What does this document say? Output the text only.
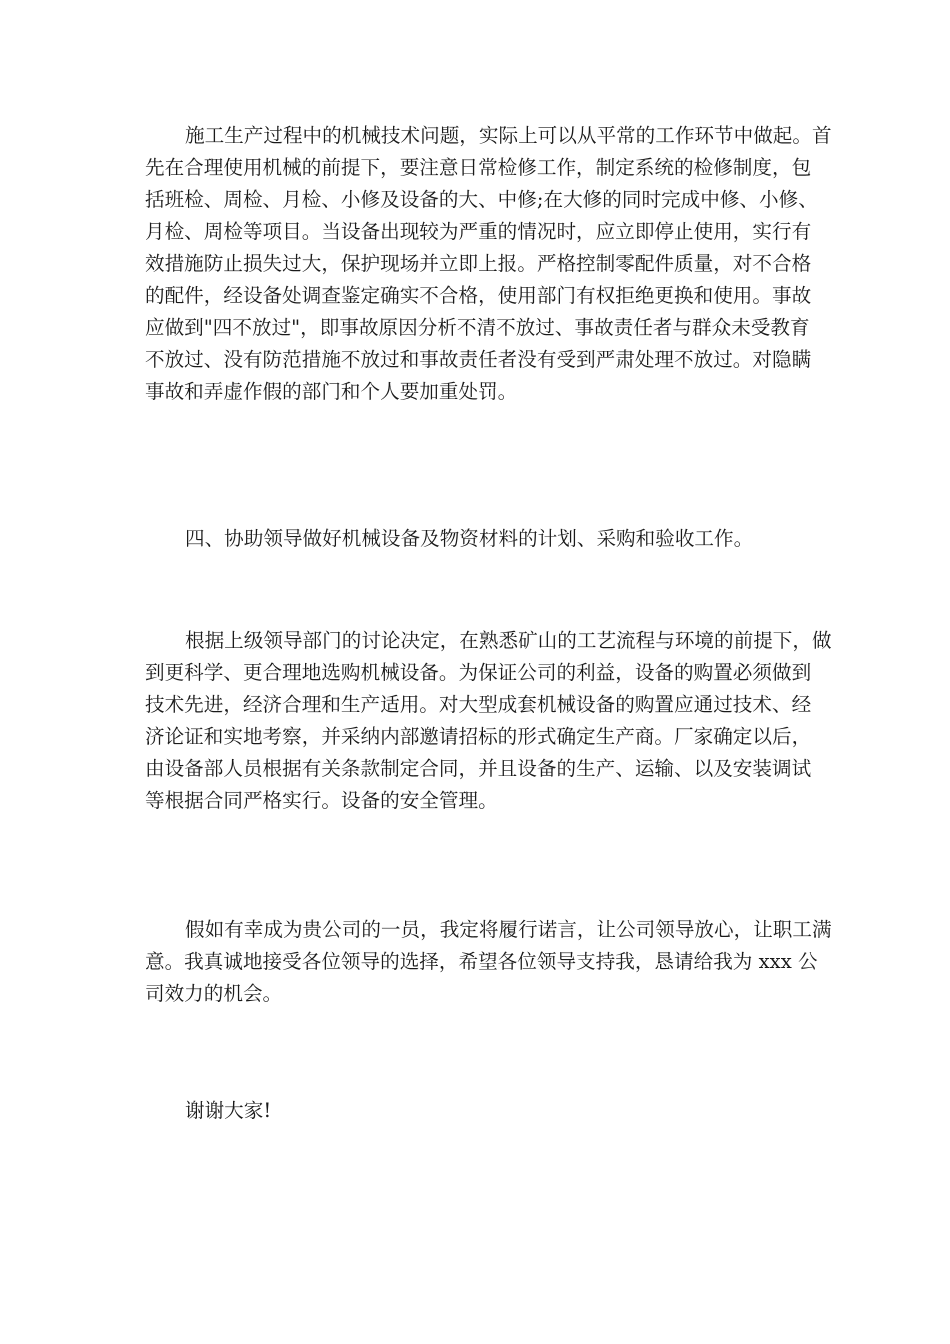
施工生产过程中的机械技术问题，实际上可以从平常的工作环节中做起。首
先在合理使用机械的前提下，要注意日常检修工作，制定系统的检修制度，包
括班检、周检、月检、小修及设备的大、中修;在大修的同时完成中修、小修、
月检、周检等项目。当设备出现较为严重的情况时，应立即停止使用，实行有
效措施防止损失过大，保护现场并立即上报。严格控制零配件质量，对不合格
的配件，经设备处调查鉴定确实不合格，使用部门有权拒绝更换和使用。事故
应做到"四不放过"，即事故原因分析不清不放过、事故责任者与群众未受教育
不放过、没有防范措施不放过和事故责任者没有受到严肃处理不放过。对隐瞒
事故和弄虚作假的部门和个人要加重处罚。
四、协助领导做好机械设备及物资材料的计划、采购和验收工作。
根据上级领导部门的讨论决定，在熟悉矿山的工艺流程与环境的前提下，做
到更科学、更合理地选购机械设备。为保证公司的利益，设备的购置必须做到
技术先进，经济合理和生产适用。对大型成套机械设备的购置应通过技术、经
济论证和实地考察，并采纳内部邀请招标的形式确定生产商。厂家确定以后，
由设备部人员根据有关条款制定合同，并且设备的生产、运输、以及安装调试
等根据合同严格实行。设备的安全管理。
假如有幸成为贵公司的一员，我定将履行诺言，让公司领导放心，让职工满
意。我真诚地接受各位领导的选择，希望各位领导支持我，恳请给我为 xxx 公
司效力的机会。
谢谢大家!
